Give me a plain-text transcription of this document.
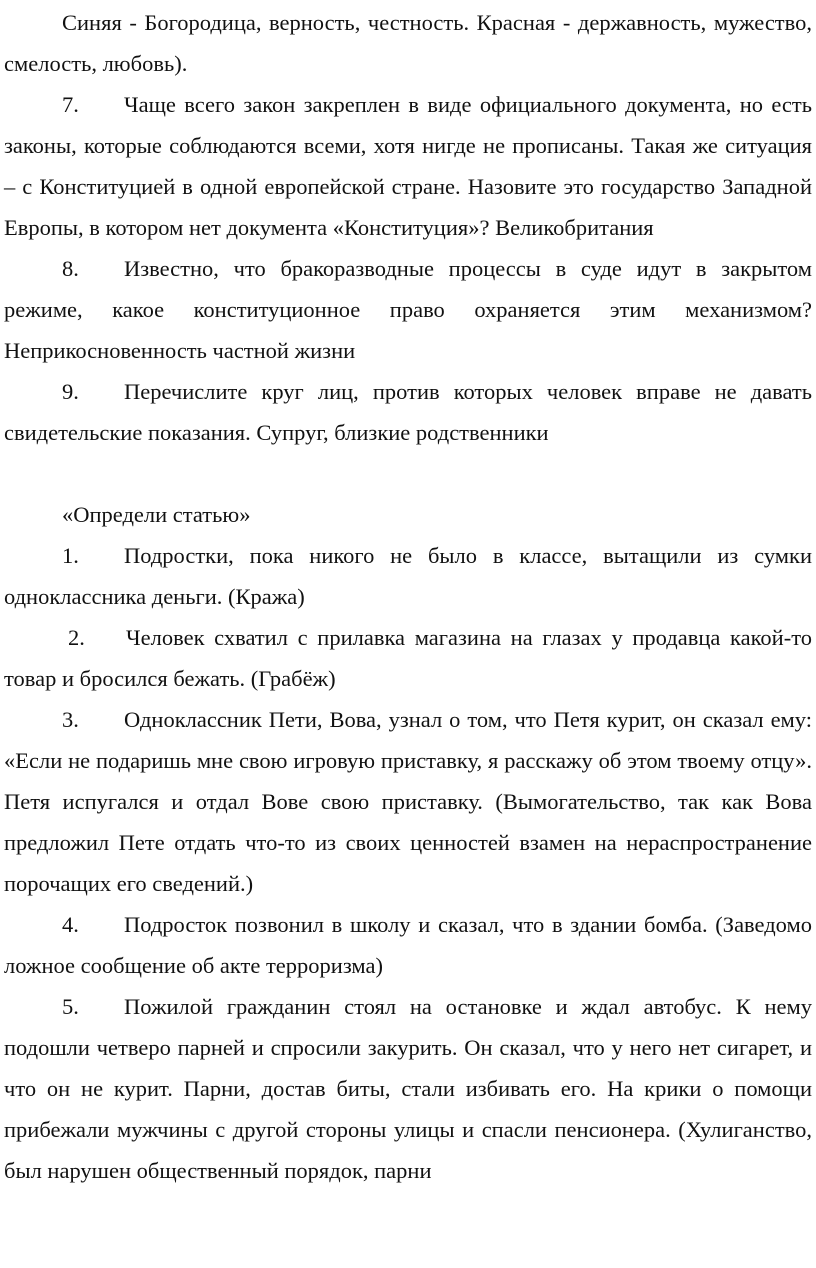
Синяя - Богородица, верность, честность. Красная - державность, мужество, смелость, любовь).

7. Чаще всего закон закреплен в виде официального документа, но есть законы, которые соблюдаются всеми, хотя нигде не прописаны. Такая же ситуация – с Конституцией в одной европейской стране. Назовите это государство Западной Европы, в котором нет документа «Конституция»? Великобритания

8. Известно, что бракоразводные процессы в суде идут в закрытом режиме, какое конституционное право охраняется этим механизмом? Неприкосновенность частной жизни

9. Перечислите круг лиц, против которых человек вправе не давать свидетельские показания. Супруг, близкие родственники

«Определи статью»

1. Подростки, пока никого не было в классе, вытащили из сумки одноклассника деньги. (Кража)

2. Человек схватил с прилавка магазина на глазах у продавца какой-то товар и бросился бежать. (Грабёж)

3. Одноклассник Пети, Вова, узнал о том, что Петя курит, он сказал ему: «Если не подаришь мне свою игровую приставку, я расскажу об этом твоему отцу». Петя испугался и отдал Вове свою приставку. (Вымогательство, так как Вова предложил Пете отдать что-то из своих ценностей взамен на нераспространение порочащих его сведений.)

4. Подросток позвонил в школу и сказал, что в здании бомба. (Заведомо ложное сообщение об акте терроризма)

5. Пожилой гражданин стоял на остановке и ждал автобус. К нему подошли четверо парней и спросили закурить. Он сказал, что у него нет сигарет, и что он не курит. Парни, достав биты, стали избивать его. На крики о помощи прибежали мужчины с другой стороны улицы и спасли пенсионера. (Хулиганство, был нарушен общественный порядок, парни
